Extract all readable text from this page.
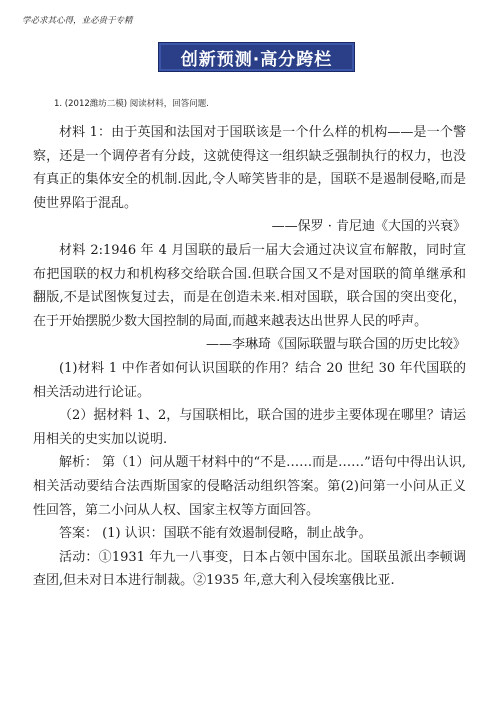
学必求其心得，业必贵于专精
创新预测·高分跨栏
1. (2012潍坊二模) 阅读材料，回答问题.

材料 1：由于英国和法国对于国联该是一个什么样的机构——是一个警察，还是一个调停者有分歧，这就使得这一组织缺乏强制执行的权力，也没有真正的集体安全的机制.因此,令人啼笑皆非的是，国联不是遏制侵略,而是使世界陷于混乱。

——保罗 · 肯尼迪《大国的兴衰》

材料 2:1946 年 4 月国联的最后一届大会通过决议宣布解散，同时宣布把国联的权力和机构移交给联合国.但联合国又不是对国联的简单继承和翻版,不是试图恢复过去，而是在创造未来.相对国联，联合国的突出变化，在于开始摆脱少数大国控制的局面,而越来越表达出世界人民的呼声。

——李琳琦《国际联盟与联合国的历史比较》

(1)材料 1 中作者如何认识国联的作用？结合 20 世纪 30 年代国联的相关活动进行论证。

（2）据材料 1、2，与国联相比，联合国的进步主要体现在哪里？请运用相关的史实加以说明.

解析： 第（1）问从题干材料中的“不是……而是……”语句中得出认识,相关活动要结合法西斯国家的侵略活动组织答案。第(2)问第一小问从正义性回答，第二小问从人权、国家主权等方面回答。

答案： (1) 认识：国联不能有效遏制侵略，制止战争。

活动：①1931 年九一八事变，日本占领中国东北。国联虽派出李顿调查团,但未对日本进行制裁。②1935 年,意大利入侵埃塞俄比亚.
